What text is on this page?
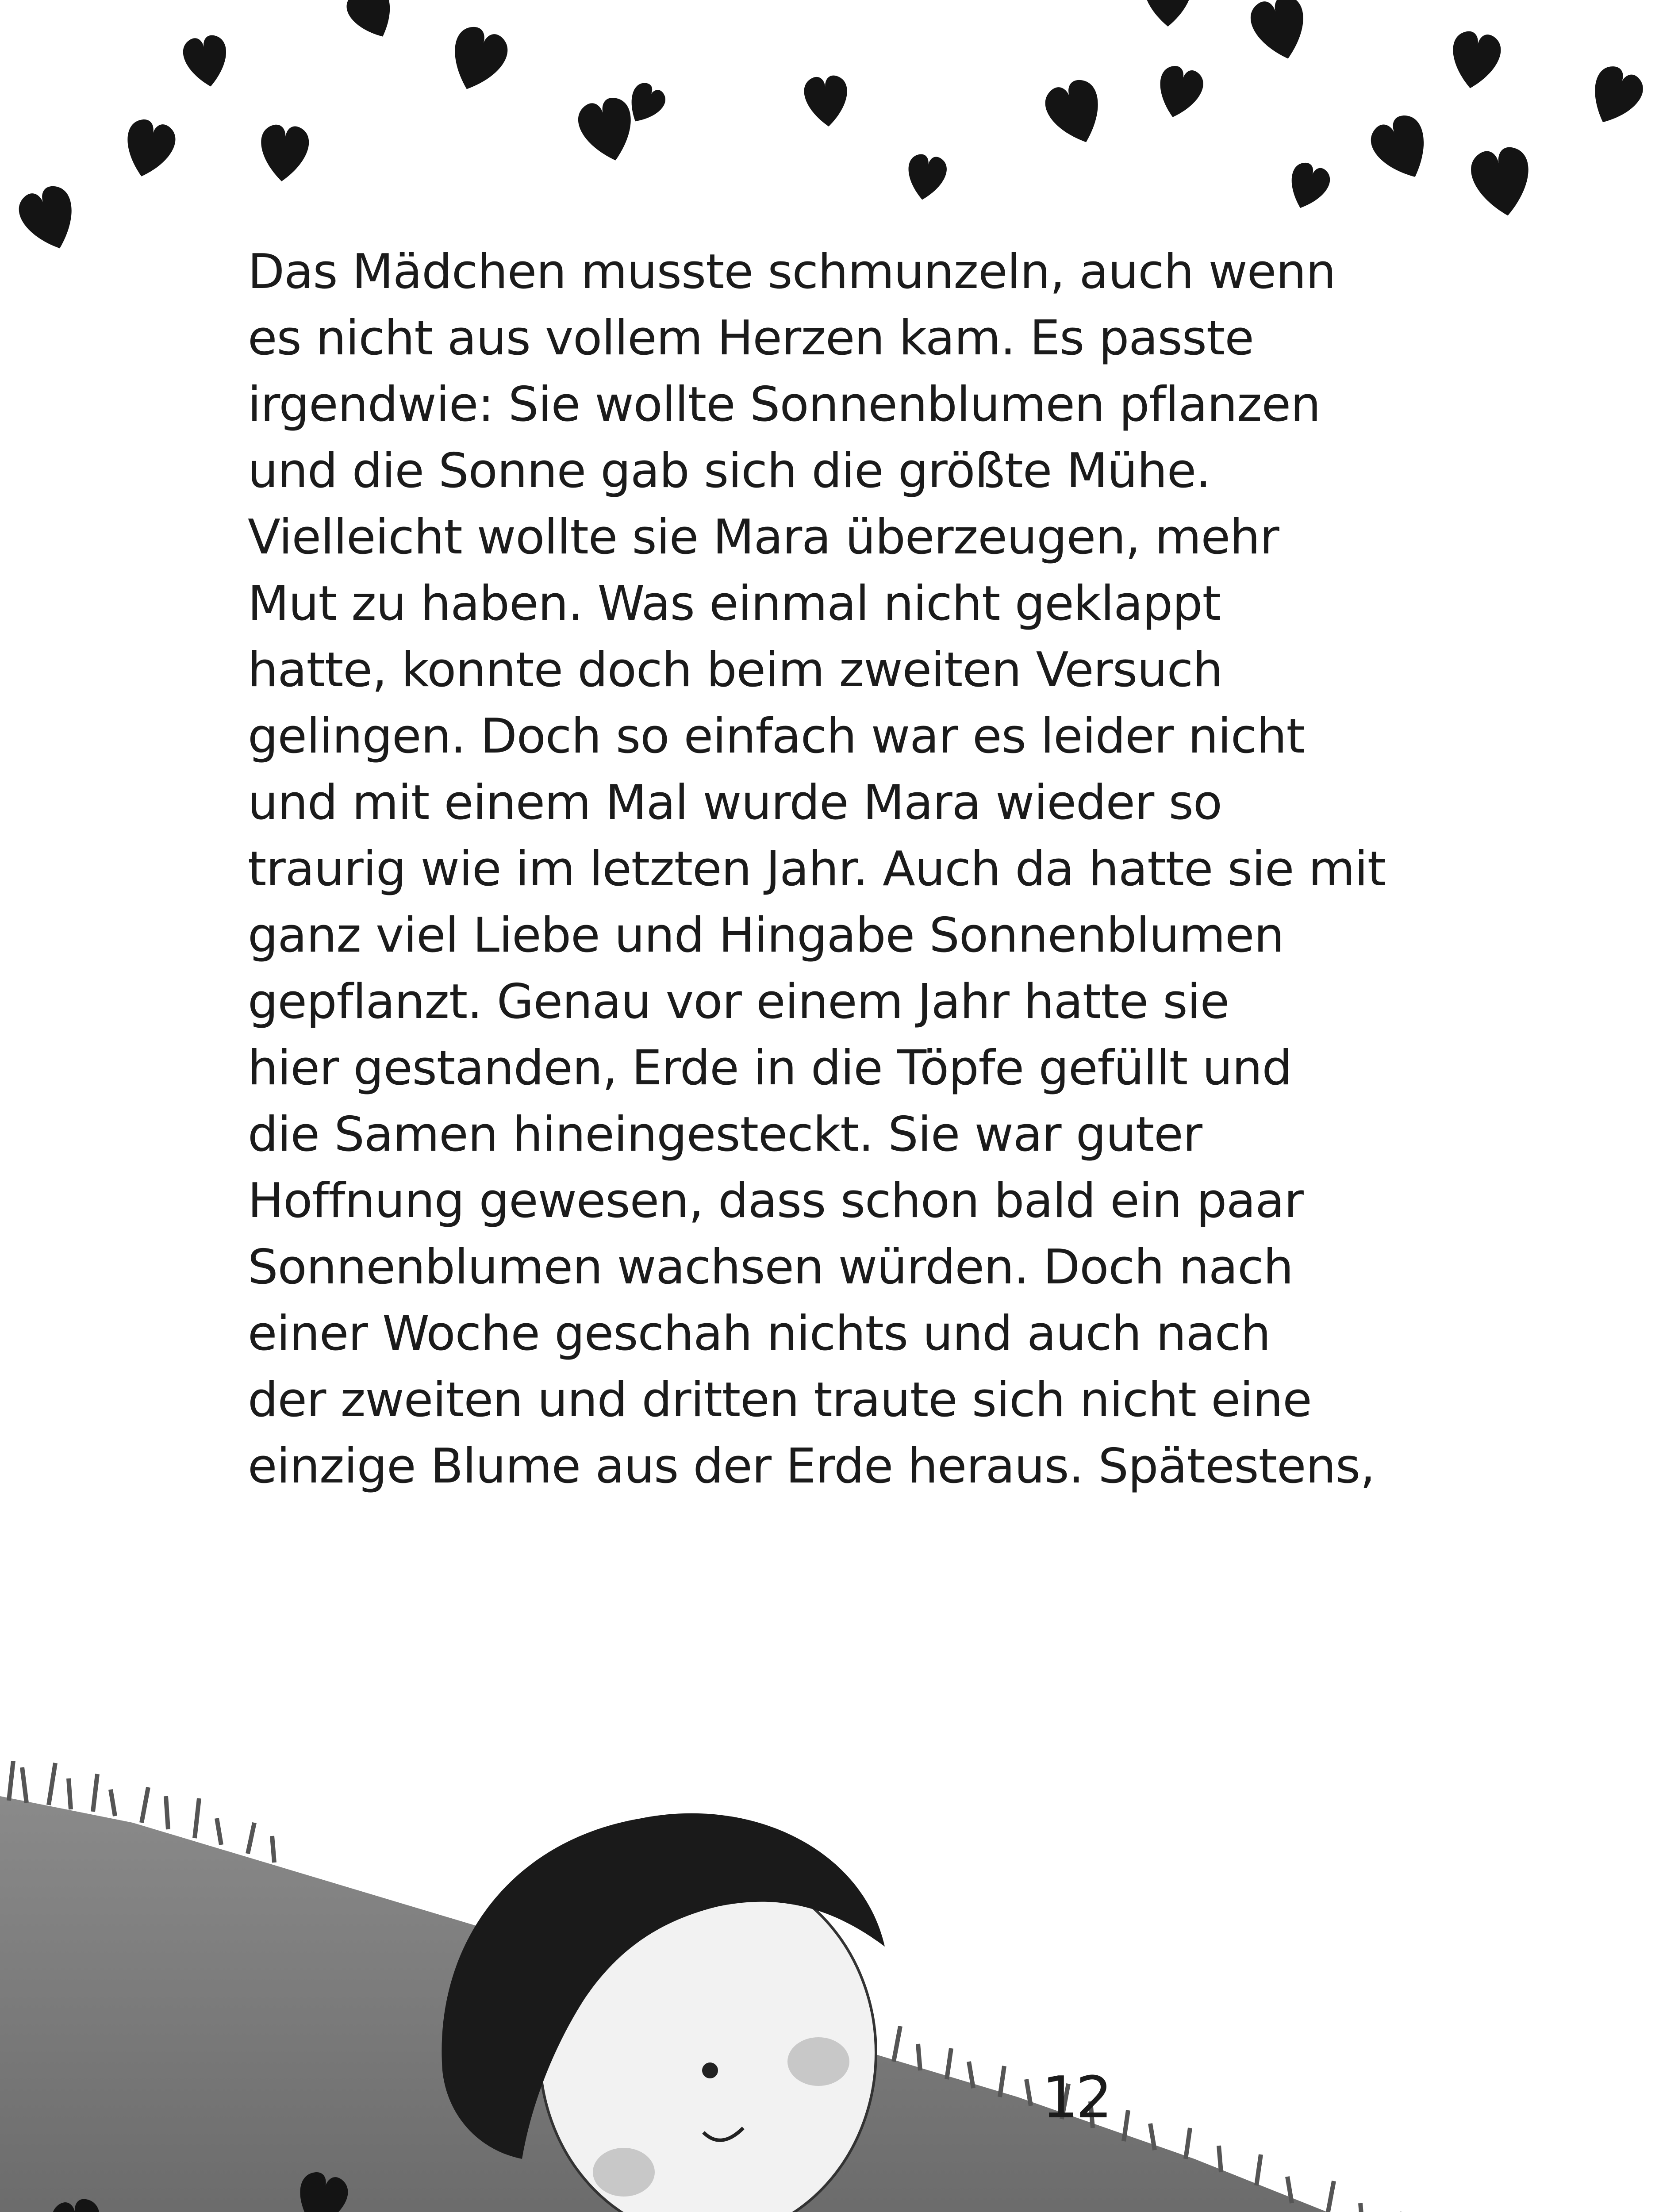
Das Mädchen musste schmunzeln, auch wenn
es nicht aus vollem Herzen kam. Es passte
irgendwie: Sie wollte Sonnenblumen pflanzen
und die Sonne gab sich die größte Mühe.
Vielleicht wollte sie Mara überzeugen, mehr
Mut zu haben. Was einmal nicht geklappt
hatte, konnte doch beim zweiten Versuch
gelingen. Doch so einfach war es leider nicht
und mit einem Mal wurde Mara wieder so
traurig wie im letzten Jahr. Auch da hatte sie mit
ganz viel Liebe und Hingabe Sonnenblumen
gepflanzt. Genau vor einem Jahr hatte sie
hier gestanden, Erde in die Töpfe gefüllt und
die Samen hineingesteckt. Sie war guter
Hoffnung gewesen, dass schon bald ein paar
Sonnenblumen wachsen würden. Doch nach
einer Woche geschah nichts und auch nach
der zweiten und dritten traute sich nicht eine
einzige Blume aus der Erde heraus. Spätestens,
12
